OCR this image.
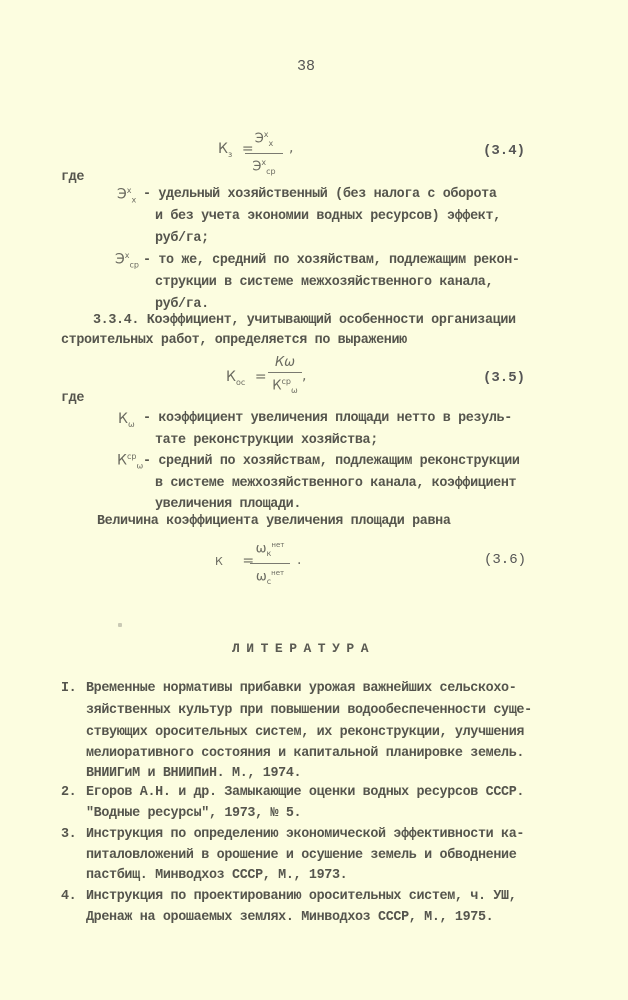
38
$К_з$ =
$Э^х_х$
$Э^х_{ср}$
,	(3.4)
где
$Э^х_х$ - удельный хозяйственный (без налога с оборота
и без учета экономии водных ресурсов) эффект,
руб/га;
$Э^х_{ср}$ - то же, средний по хозяйствам, подлежащим рекон-
струкции в системе межхозяйственного канала,
руб/га.
3.3.4. Коэффициент, учитывающий особенности организации
строительных работ, определяется по выражению
$К_{ос}$ =
Кω
$К^{ср}_\omega$
,	(3.5)
где
$К_\omega$ - коэффициент увеличения площади нетто в резуль-
тате реконструкции хозяйства;
$К^{ср}_\omega$ - средний по хозяйствам, подлежащим реконструкции
в системе межхозяйственного канала, коэффициент
увеличения площади.
Величина коэффициента увеличения площади равна
К =
$\omega_к^{нет}$
$\omega_с^{нет}$
.	(3.6)
ЛИТЕРАТУРА
I. Временные нормативы прибавки урожая важнейших сельскохо-
зяйственных культур при повышении водообеспеченности суще-
ствующих оросительных систем, их реконструкции, улучшения
мелиоративного состояния и капитальной планировке земель.
ВНИИГиМ и ВНИИПиН. М., 1974.
2. Егоров А.Н. и др. Замыкающие оценки водных ресурсов СССР.
"Водные ресурсы", 1973, № 5.
3. Инструкция по определению экономической эффективности ка-
питаловложений в орошение и осушение земель и обводнение
пастбищ. Минводхоз СССР, М., 1973.
4. Инструкция по проектированию оросительных систем, ч. УШ,
Дренаж на орошаемых землях. Минводхоз СССР, М., 1975.
